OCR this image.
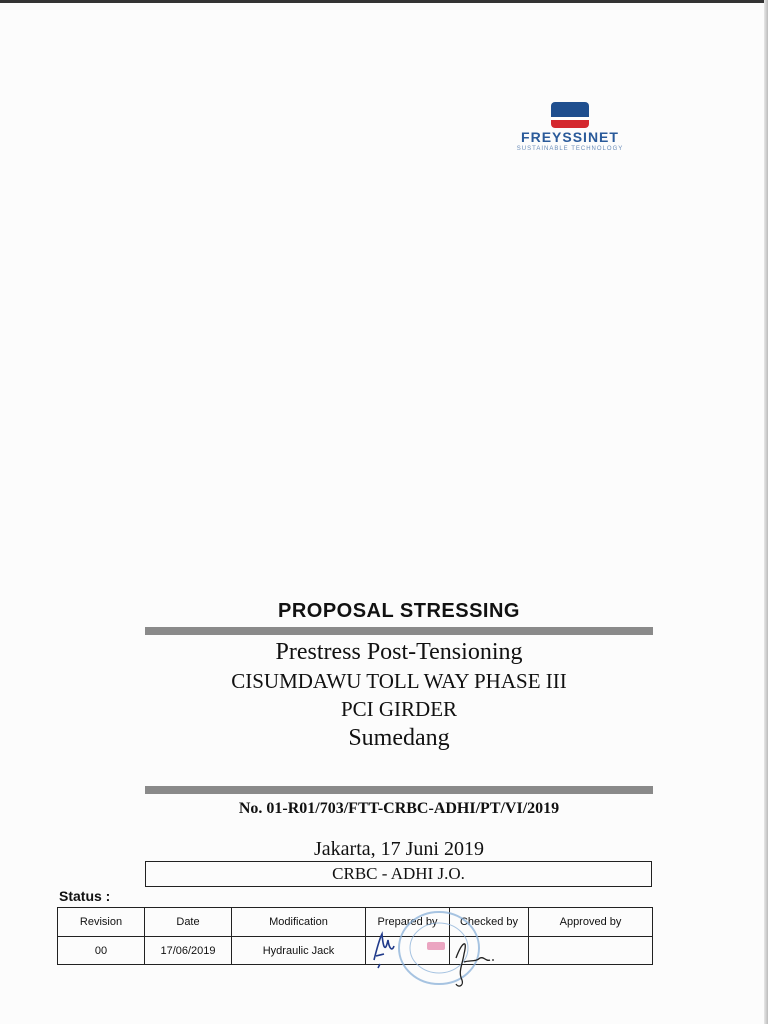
FREYSSINET
SUSTAINABLE TECHNOLOGY
PROPOSAL STRESSING
Prestress Post-Tensioning
CISUMDAWU TOLL WAY PHASE III
PCI GIRDER
Sumedang
No. 01-R01/703/FTT-CRBC-ADHI/PT/VI/2019
Jakarta, 17 Juni 2019
CRBC - ADHI J.O.
Status :
Revision	Date	Modification	Prepared by	Checked by	Approved by
00	17/06/2019	Hydraulic Jack			
